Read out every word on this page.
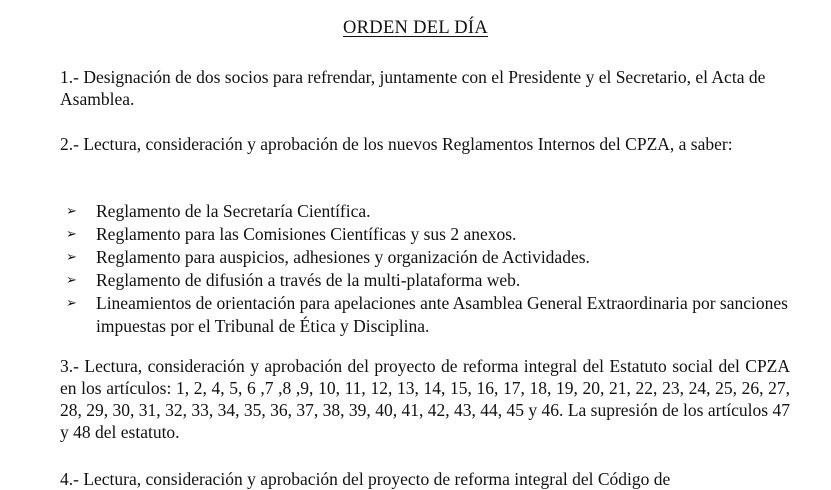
ORDEN DEL DÍA

1.- Designación de dos socios para refrendar, juntamente con el Presidente y el Secretario, el Acta de Asamblea.

2.- Lectura, consideración y aprobación de los nuevos Reglamentos Internos del CPZA, a saber:

➢ Reglamento de la Secretaría Científica.
➢ Reglamento para las Comisiones Científicas y sus 2 anexos.
➢ Reglamento para auspicios, adhesiones y organización de Actividades.
➢ Reglamento de difusión a través de la multi-plataforma web.
➢ Lineamientos de orientación para apelaciones ante Asamblea General Extraordinaria por sanciones impuestas por el Tribunal de Ética y Disciplina.

3.- Lectura, consideración y aprobación del proyecto de reforma integral del Estatuto social del CPZA en los artículos: 1, 2, 4, 5, 6 ,7 ,8 ,9, 10, 11, 12, 13, 14, 15, 16, 17, 18, 19, 20, 21, 22, 23, 24, 25, 26, 27, 28, 29, 30, 31, 32, 33, 34, 35, 36, 37, 38, 39, 40, 41, 42, 43, 44, 45 y 46. La supresión de los artículos 47 y 48 del estatuto.

4.- Lectura, consideración y aprobación del proyecto de reforma integral del Código de
